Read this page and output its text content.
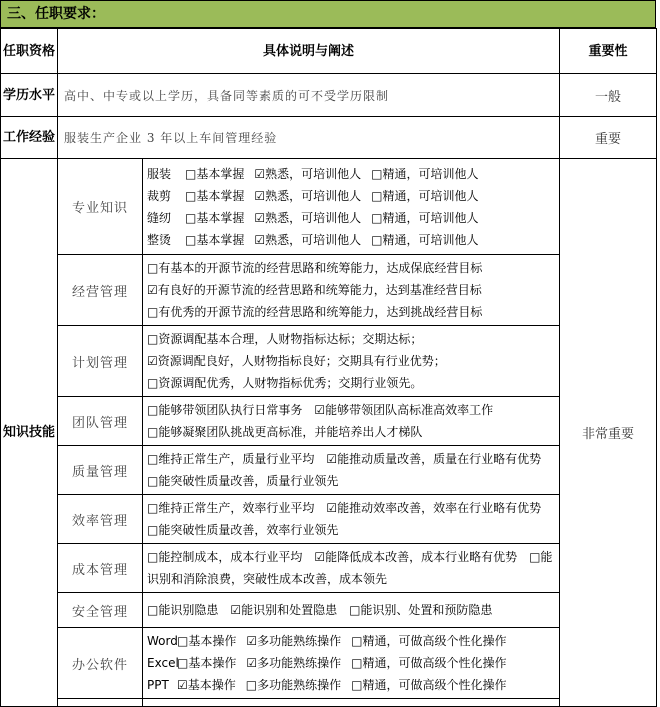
三、任职要求：
任职资格	具体说明与阐述		重要性
学历水平	高中、中专或以上学历，具备同等素质的可不受学历限制		一般
工作经验	服装生产企业 3 年以上车间管理经验		重要
知识技能	专业知识	服装 □基本掌握 ☑熟悉，可培训他人 □精通，可培训他人
裁剪 □基本掌握 ☑熟悉，可培训他人 □精通，可培训他人
缝纫 □基本掌握 ☑熟悉，可培训他人 □精通，可培训他人
整烫 □基本掌握 ☑熟悉，可培训他人 □精通，可培训他人	非常重要
	经营管理	□有基本的开源节流的经营思路和统筹能力，达成保底经营目标
☑有良好的开源节流的经营思路和统筹能力，达到基准经营目标
□有优秀的开源节流的经营思路和统筹能力，达到挑战经营目标	

	计划管理	□资源调配基本合理，人财物指标达标；交期达标；
☑资源调配良好，人财物指标良好；交期具有行业优势；
□资源调配优秀，人财物指标优秀；交期行业领先。	

	团队管理	□能够带领团队执行日常事务　☑能够带领团队高标准高效率工作
□能够凝聚团队挑战更高标准，并能培养出人才梯队	

	质量管理	□维持正常生产，质量行业平均　☑能推动质量改善，质量在行业略有优势　□能突破性质量改善，质量行业领先	

	效率管理	□维持正常生产，效率行业平均　☑能推动效率改善，效率在行业略有优势
□能突破性质量改善，效率行业领先	

	成本管理	□能控制成本，成本行业平均　☑能降低成本改善，成本行业略有优势　□能识别和消除浪费，突破性成本改善，成本领先	

	安全管理	□能识别隐患　☑能识别和处置隐患　□能识别、处置和预防隐患	

	办公软件	Word□基本操作 ☑多功能熟练操作 □精通，可做高级个性化操作
Excel□基本操作 ☑多功能熟练操作 □精通，可做高级个性化操作
PPT ☑基本操作 □多功能熟练操作 □精通，可做高级个性化操作	
